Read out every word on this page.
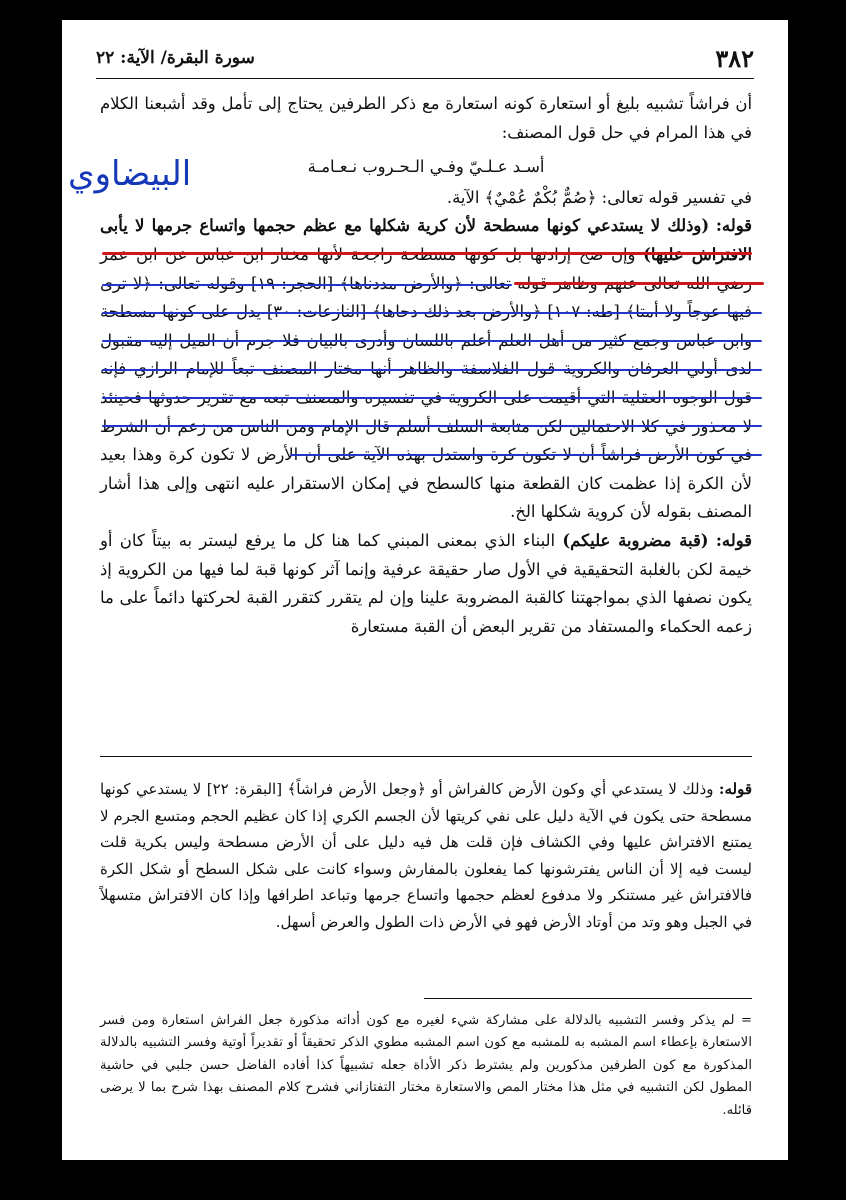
٣٨٢
سورة البقرة/ الآية: ٢٢

أن فراشاً تشبيه بليغ أو استعارة كونه استعارة مع ذكر الطرفين يحتاج إلى تأمل وقد أشبعنا الكلام في هذا المرام في حل قول المصنف:

أسـد عـلـيّ وفـي الـحـروب نـعـامـة

في تفسير قوله تعالى: ﴿صُمٌّ بُكْمٌ عُمْيٌ﴾ الآية.

قوله: (وذلك لا يستدعي كونها مسطحة لأن كرية شكلها مع عظم حجمها واتساع جرمها لا يأبى الافتراش عليها) وإن صح إرادتها بل كونها مسطحة راجحة لأنها مختار ابن عباس عن ابن عمر رضي الله تعالى عنهم وظاهر قوله تعالى: ﴿والأرض مددناها﴾ [الحجر: ١٩] وقوله تعالى: ﴿لا ترى فيها عوجاً ولا أمتا﴾ [طه: ١٠٧] ﴿والأرض بعد ذلك دحاها﴾ [النازعات: ٣٠] يدل على كونها مسطحة وابن عباس وجمع كثير من أهل العلم أعلم باللسان وأدرى بالبيان فلا جرم أن الميل إليه مقبول لدى أولي العرفان والكروية قول الفلاسفة والظاهر أنها مختار المصنف تبعاً للإمام الرازي فإنه قول الوجوه العقلية التي أقيمت على الكروية في تفسيره والمصنف تبعه مع تقرير حدوثها فحينئذ لا محذور في كلا الاحتمالين لكن متابعة السلف أسلم قال الإمام ومن الناس من زعم أن الشرط في كون الأرض فراشاً أن لا تكون كرة واستدل بهذه الآية على أن الأرض لا تكون كرة وهذا بعيد لأن الكرة إذا عظمت كان القطعة منها كالسطح في إمكان الاستقرار عليه انتهى وإلى هذا أشار المصنف بقوله لأن كروية شكلها الخ.

قوله: (قبة مضروبة عليكم) البناء الذي بمعنى المبني كما هنا كل ما يرفع ليستر به بيتاً كان أو خيمة لكن بالغلبة التحقيقية في الأول صار حقيقة عرفية وإنما آثر كونها قبة لما فيها من الكروية إذ يكون نصفها الذي بمواجهتنا كالقبة المضروبة علينا وإن لم يتقرر كتقرر القبة لحركتها دائماً على ما زعمه الحكماء والمستفاد من تقرير البعض أن القبة مستعارة

البيضاوي

قوله: وذلك لا يستدعي أي وكون الأرض كالفراش أو ﴿وجعل الأرض فراشاً﴾ [البقرة: ٢٢] لا يستدعي كونها مسطحة حتى يكون في الآية دليل على نفي كريتها لأن الجسم الكري إذا كان عظيم الحجم ومتسع الجرم لا يمتنع الافتراش عليها وفي الكشاف فإن قلت هل فيه دليل على أن الأرض مسطحة وليس بكرية قلت ليست فيه إلا أن الناس يفترشونها كما يفعلون بالمفارش وسواء كانت على شكل السطح أو شكل الكرة فالافتراش غير مستنكر ولا مدفوع لعظم حجمها واتساع جرمها وتباعد اطرافها وإذا كان الافتراش متسهلاً في الجبل وهو وتد من أوتاد الأرض فهو في الأرض ذات الطول والعرض أسهل.

= لم يذكر وفسر التشبيه بالدلالة على مشاركة شيء لغيره مع كون أداته مذكورة جعل الفراش استعارة ومن فسر الاستعارة بإعطاء اسم المشبه به للمشبه مع كون اسم المشبه مطوي الذكر تحقيقاً أو تقديراً أوتية وفسر التشبيه بالدلالة المذكورة مع كون الطرفين مذكورين ولم يشترط ذكر الأداة جعله تشبيهاً كذا أفاده الفاضل حسن جلبي في حاشية المطول لكن التشبيه في مثل هذا مختار المص والاستعارة مختار التفتازاني فشرح كلام المصنف بهذا شرح بما لا يرضى قائله.
